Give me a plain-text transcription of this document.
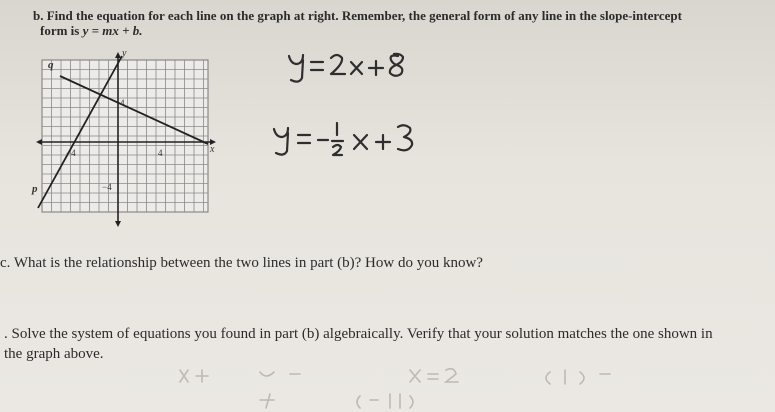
b. Find the equation for each line on the graph at right. Remember, the general form of any line in the slope-intercept
form is y = mx + b.
y
x
4
−4
−4	4
q
p
c. What is the relationship between the two lines in part (b)? How do you know?
. Solve the system of equations you found in part (b) algebraically. Verify that your solution matches the one shown in
the graph above.
